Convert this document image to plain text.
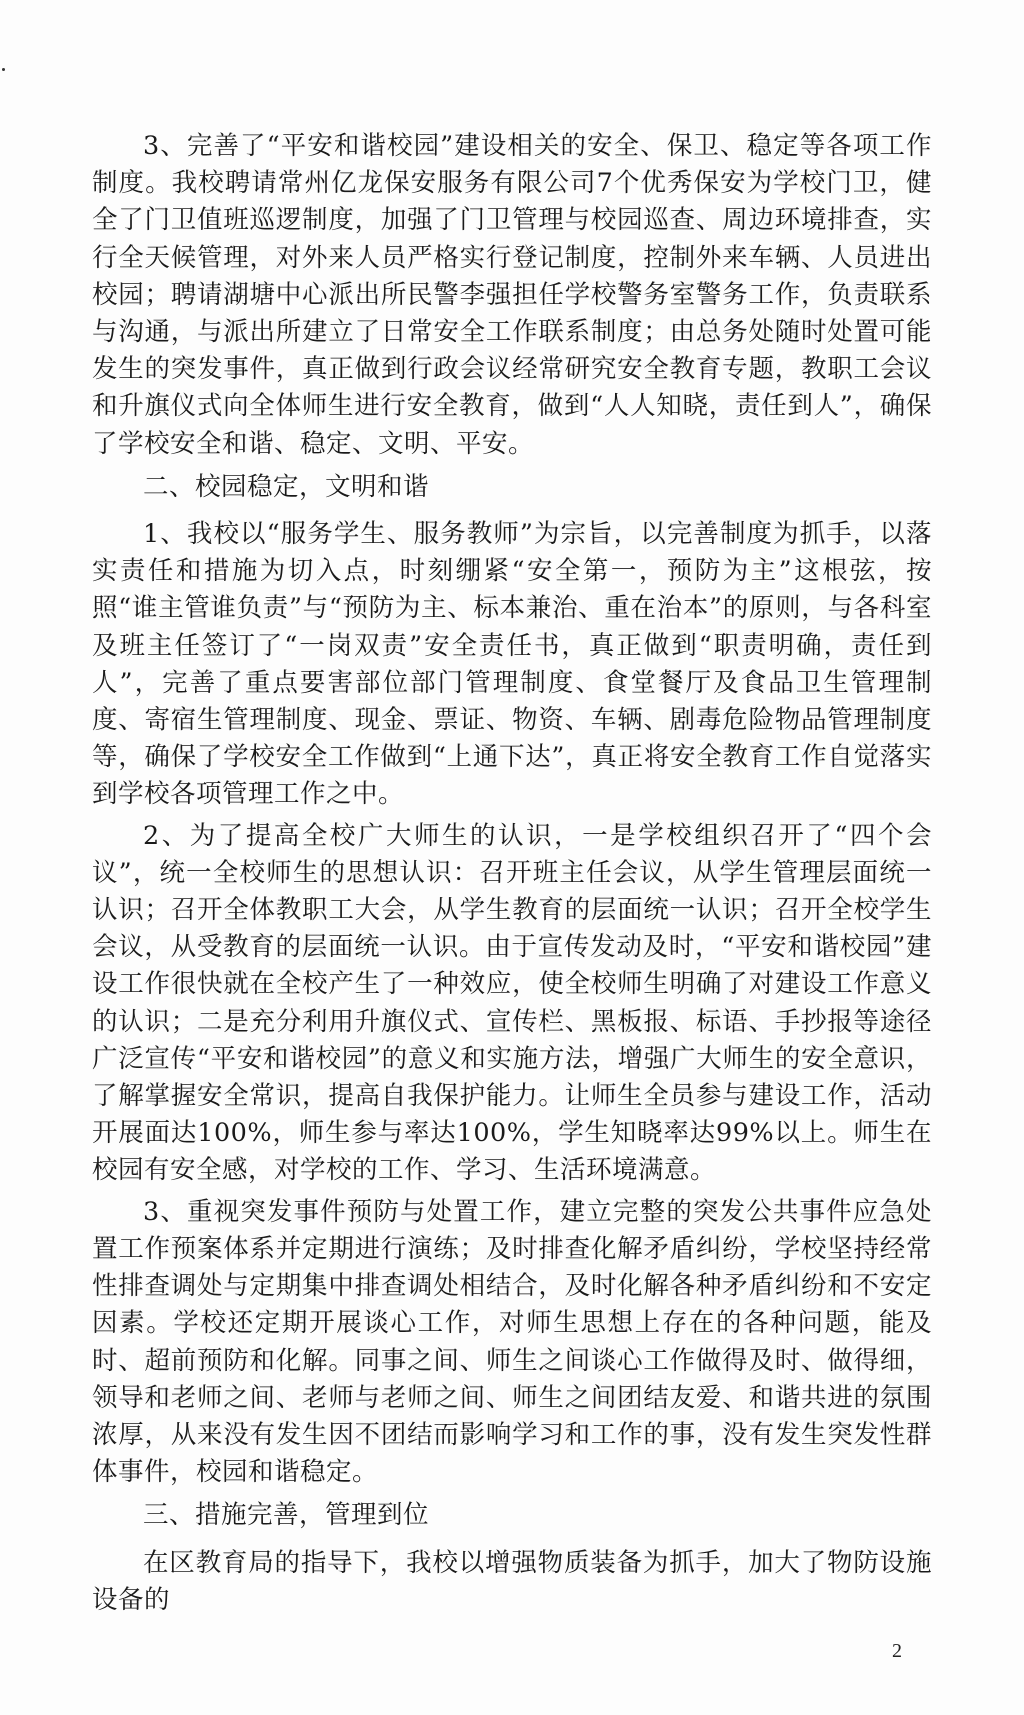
3、完善了“平安和谐校园”建设相关的安全、保卫、稳定等各项工作制度。我校聘请常州亿龙保安服务有限公司7个优秀保安为学校门卫，健全了门卫值班巡逻制度，加强了门卫管理与校园巡查、周边环境排查，实行全天候管理，对外来人员严格实行登记制度，控制外来车辆、人员进出校园；聘请湖塘中心派出所民警李强担任学校警务室警务工作，负责联系与沟通，与派出所建立了日常安全工作联系制度；由总务处随时处置可能发生的突发事件，真正做到行政会议经常研究安全教育专题，教职工会议和升旗仪式向全体师生进行安全教育，做到“人人知晓，责任到人”，确保了学校安全和谐、稳定、文明、平安。

二、校园稳定，文明和谐

1、我校以“服务学生、服务教师”为宗旨，以完善制度为抓手，以落实责任和措施为切入点，时刻绷紧“安全第一，预防为主”这根弦，按照“谁主管谁负责”与“预防为主、标本兼治、重在治本”的原则，与各科室及班主任签订了“一岗双责”安全责任书，真正做到“职责明确，责任到人”，完善了重点要害部位部门管理制度、食堂餐厅及食品卫生管理制度、寄宿生管理制度、现金、票证、物资、车辆、剧毒危险物品管理制度等，确保了学校安全工作做到“上通下达”，真正将安全教育工作自觉落实到学校各项管理工作之中。

2、为了提高全校广大师生的认识，一是学校组织召开了“四个会议”，统一全校师生的思想认识：召开班主任会议，从学生管理层面统一认识；召开全体教职工大会，从学生教育的层面统一认识；召开全校学生会议，从受教育的层面统一认识。由于宣传发动及时，“平安和谐校园”建设工作很快就在全校产生了一种效应，使全校师生明确了对建设工作意义的认识；二是充分利用升旗仪式、宣传栏、黑板报、标语、手抄报等途径广泛宣传“平安和谐校园”的意义和实施方法，增强广大师生的安全意识，了解掌握安全常识，提高自我保护能力。让师生全员参与建设工作，活动开展面达100%，师生参与率达100%，学生知晓率达99%以上。师生在校园有安全感，对学校的工作、学习、生活环境满意。

3、重视突发事件预防与处置工作，建立完整的突发公共事件应急处置工作预案体系并定期进行演练；及时排查化解矛盾纠纷，学校坚持经常性排查调处与定期集中排查调处相结合，及时化解各种矛盾纠纷和不安定因素。学校还定期开展谈心工作，对师生思想上存在的各种问题，能及时、超前预防和化解。同事之间、师生之间谈心工作做得及时、做得细，领导和老师之间、老师与老师之间、师生之间团结友爱、和谐共进的氛围浓厚，从来没有发生因不团结而影响学习和工作的事，没有发生突发性群体事件，校园和谐稳定。

三、措施完善，管理到位

在区教育局的指导下，我校以增强物质装备为抓手，加大了物防设施设备的

2
